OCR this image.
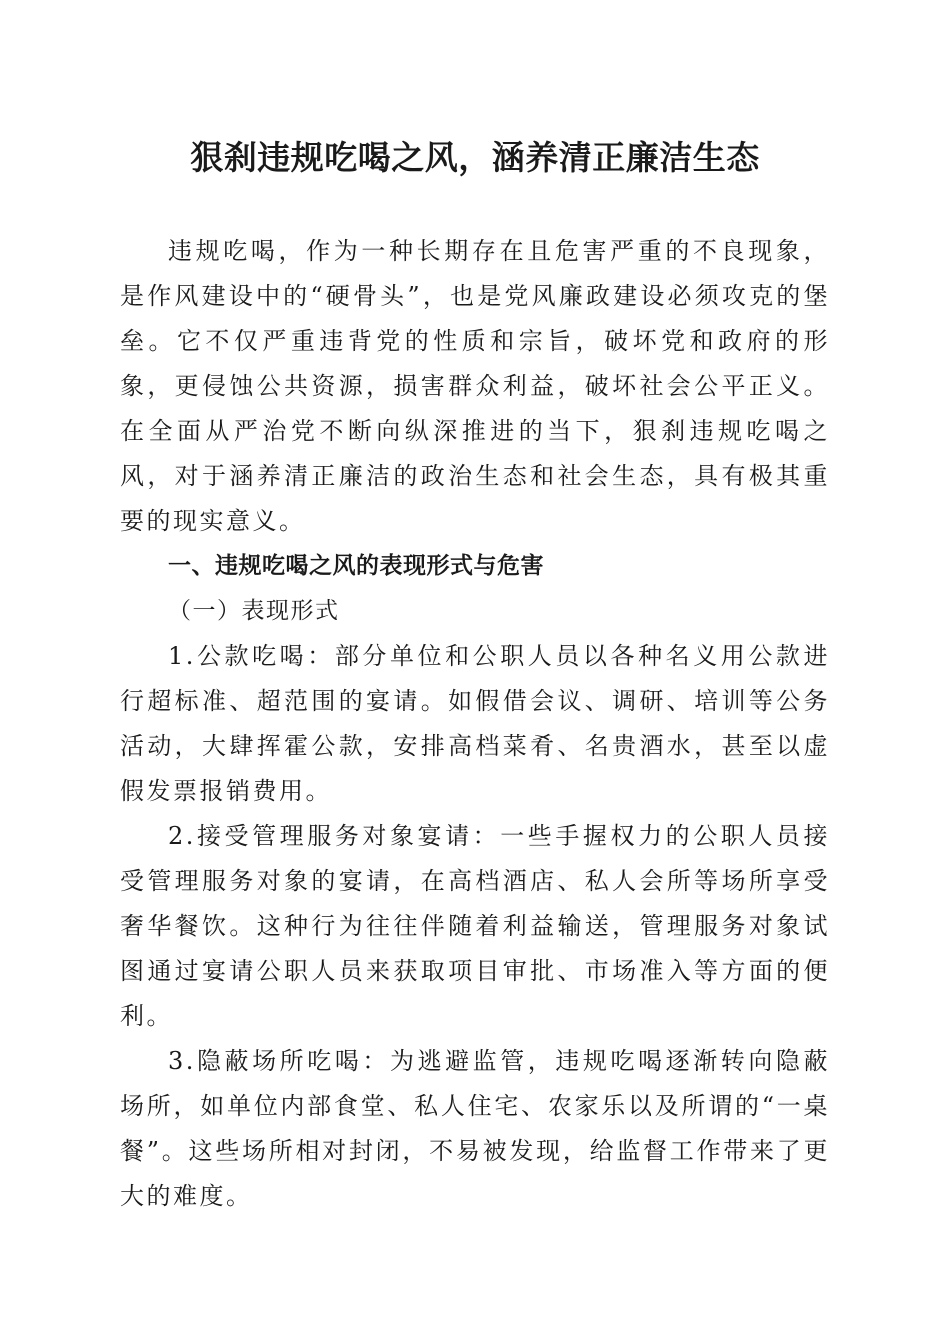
狠刹违规吃喝之风，涵养清正廉洁生态

违规吃喝，作为一种长期存在且危害严重的不良现象，是作风建设中的“硬骨头”，也是党风廉政建设必须攻克的堡垒。它不仅严重违背党的性质和宗旨，破坏党和政府的形象，更侵蚀公共资源，损害群众利益，破坏社会公平正义。在全面从严治党不断向纵深推进的当下，狠刹违规吃喝之风，对于涵养清正廉洁的政治生态和社会生态，具有极其重要的现实意义。

一、违规吃喝之风的表现形式与危害
（一）表现形式

1.公款吃喝：部分单位和公职人员以各种名义用公款进行超标准、超范围的宴请。如假借会议、调研、培训等公务活动，大肆挥霍公款，安排高档菜肴、名贵酒水，甚至以虚假发票报销费用。

2.接受管理服务对象宴请：一些手握权力的公职人员接受管理服务对象的宴请，在高档酒店、私人会所等场所享受奢华餐饮。这种行为往往伴随着利益输送，管理服务对象试图通过宴请公职人员来获取项目审批、市场准入等方面的便利。

3.隐蔽场所吃喝：为逃避监管，违规吃喝逐渐转向隐蔽场所，如单位内部食堂、私人住宅、农家乐以及所谓的“一桌餐”。这些场所相对封闭，不易被发现，给监督工作带来了更大的难度。
